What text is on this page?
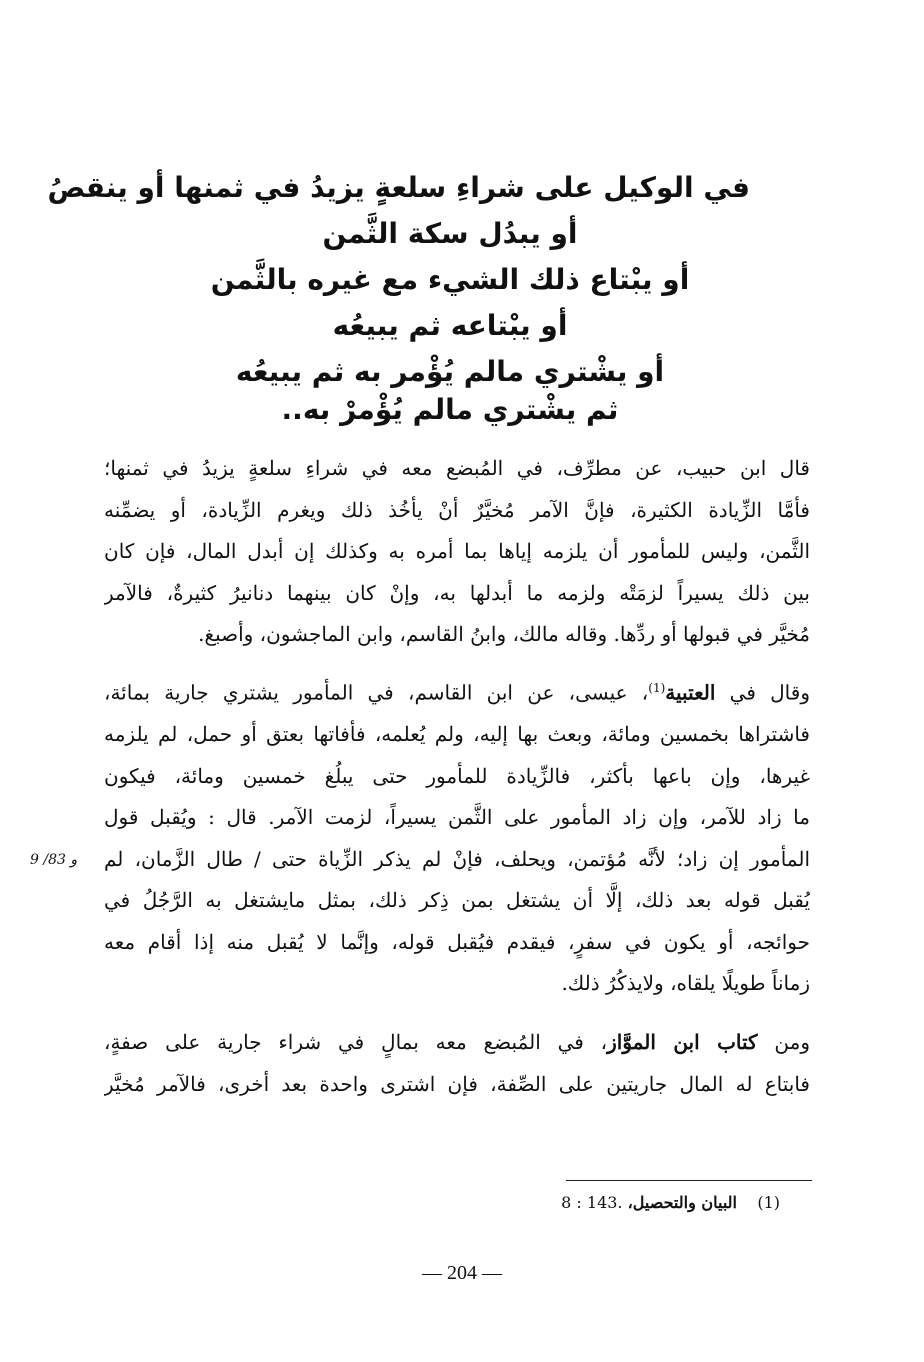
في الوكيل على شراءِ سلعةٍ يزيدُ في ثمنها أو ينقصُ
أو يبدُل سكة الثَّمن
أو يبْتاع ذلك الشيء مع غيره بالثَّمن
أو يبْتاعه ثم يبيعُه
أو يشْتري مالم يُؤْمر به ثم يبيعُه
ثم يشْتري مالم يُؤْمرْ به..
قال ابن حبيب، عن مطرِّف، في المُبضع معه في شراءِ سلعةٍ يزيدُ في ثمنها؛
فأمَّا الزِّيادة الكثيرة، فإنَّ الآمر مُخيَّرٌ أنْ يأخُذ ذلك ويغرم الزِّيادة، أو يضمِّنه
الثَّمن، وليس للمأمور أن يلزمه إياها بما أمره به وكذلك إن أبدل المال، فإن كان
بين ذلك يسيراً لزمَتْه ولزمه ما أبدلها به، وإنْ كان بينهما دنانيرُ كثيرةٌ، فالآمر
مُخيَّر في قبولها أو ردِّها. وقاله مالك، وابنُ القاسم، وابن الماجشون، وأصبغ.
وقال في العتبية$^{(1)}$، عيسى، عن ابن القاسم، في المأمور يشتري جارية بمائة،
فاشتراها بخمسين ومائة، وبعث بها إليه، ولم يُعلمه، فأفاتها بعتق أو حمل، لم يلزمه
غيرها، وإن باعها بأكثر، فالزِّيادة للمأمور حتى يبلُغ خمسين ومائة، فيكون
ما زاد للآمر، وإن زاد المأمور على الثَّمن يسيراً، لزمت الآمر. قال : ويُقبل قول
المأمور إن زاد؛ لأنَّه مُؤتمن، ويحلف، فإنْ لم يذكر الزِّياة حتى / طال الزَّمان، لم
يُقبل قوله بعد ذلك، إلَّا أن يشتغل بمن ذِكر ذلك، بمثل مايشتغل به الرَّجُلُ في
حوائجه، أو يكون في سفرٍ، فيقدم فيُقبل قوله، وإنَّما لا يُقبل منه إذا أقام معه
زماناً طويلًا يلقاه، ولايذكُرُ ذلك.
9 /83 و
ومن كتاب ابن الموَّاز، في المُبضع معه بمالٍ في شراء جارية على صفةٍ،
فابتاع له المال جاريتين على الصِّفة، فإن اشترى واحدة بعد أخرى، فالآمر مُخيَّر
(1)    البيان والتحصيل، 8 : 143.
— 204 —
